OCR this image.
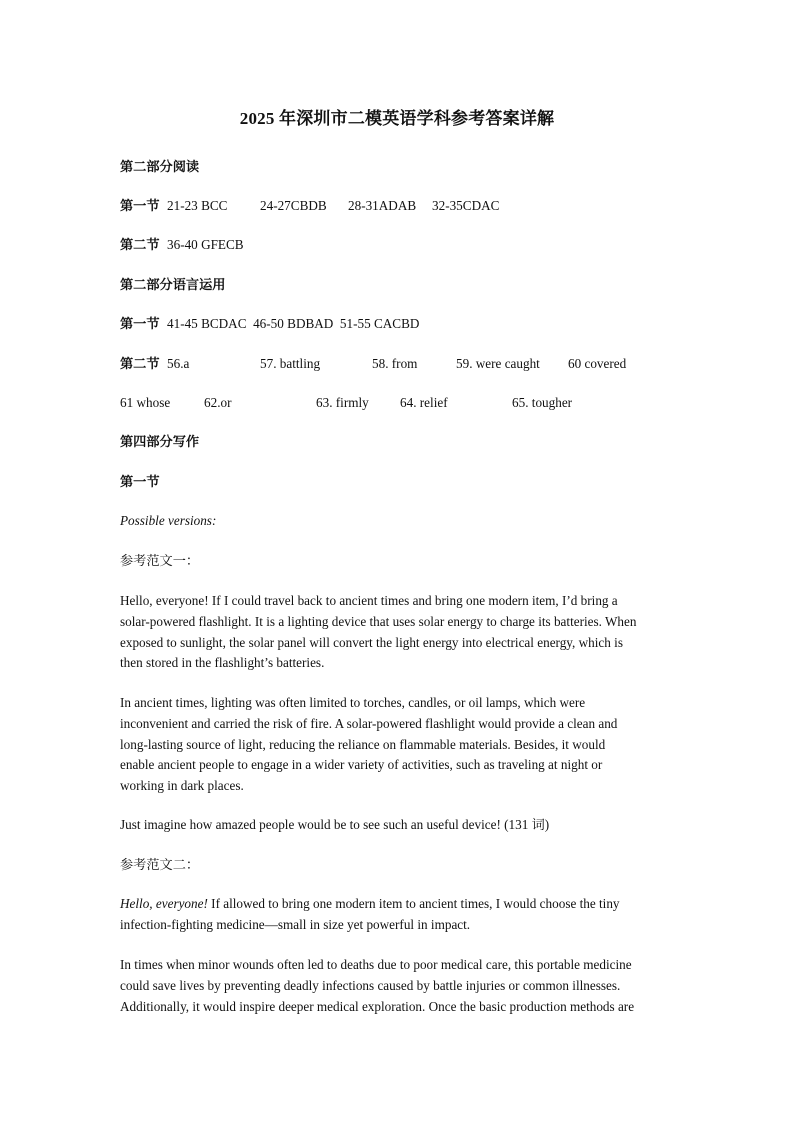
2025 年深圳市二模英语学科参考答案详解
第二部分阅读
第一节 21-23 BCC 24-27CBDB 28-31ADAB 32-35CDAC
第二节 36-40 GFECB
第二部分语言运用
第一节 41-45 BCDAC  46-50 BDBAD  51-55 CACBD
第二节 56.a	57. battling	58. from	59. were caught 60 covered
61 whose	62.or	63. firmly 64. relief	65. tougher
第四部分写作
第一节
Possible versions:
参考范文一：
Hello, everyone! If I could travel back to ancient times and bring one modern item, I’d bring a
solar-powered flashlight. It is a lighting device that uses solar energy to charge its batteries. When
exposed to sunlight, the solar panel will convert the light energy into electrical energy, which is
then stored in the flashlight’s batteries.
In ancient times, lighting was often limited to torches, candles, or oil lamps, which were
inconvenient and carried the risk of fire. A solar-powered flashlight would provide a clean and
long-lasting source of light, reducing the reliance on flammable materials. Besides, it would
enable ancient people to engage in a wider variety of activities, such as traveling at night or
working in dark places.
Just imagine how amazed people would be to see such an useful device! (131 词)
参考范文二：
Hello, everyone! If allowed to bring one modern item to ancient times, I would choose the tiny
infection-fighting medicine—small in size yet powerful in impact.
In times when minor wounds often led to deaths due to poor medical care, this portable medicine
could save lives by preventing deadly infections caused by battle injuries or common illnesses.
Additionally, it would inspire deeper medical exploration. Once the basic production methods are
